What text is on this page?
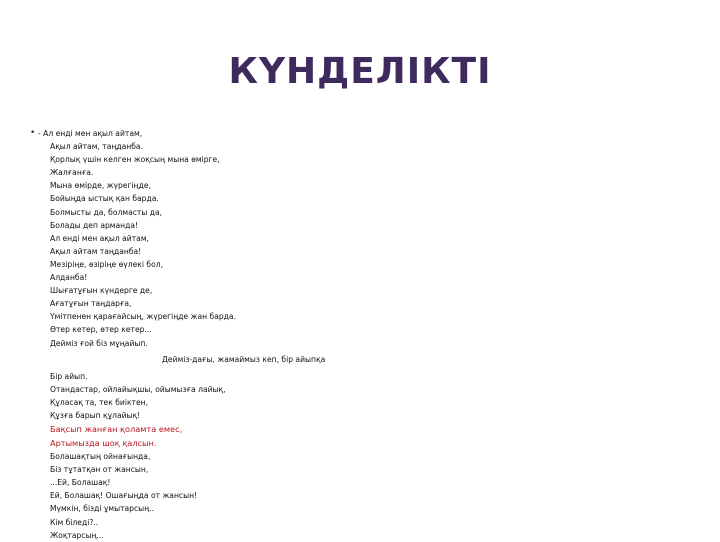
КҮНДЕЛІКТІ
• - Ал енді мен ақыл айтам,
Ақыл айтам, таңданба.
Қорлық үшін келген жоқсың мына өмірге,
Жалғанға.
Мына өмірде, жүрегіңде,
Бойыңда ыстық қан барда.
Болмысты да, болмасты да,
Болады деп арманда!
Ал енді мен ақыл айтам,
Ақыл айтам таңданба!
Мезіріңе, өзіріңе өүлекі бол,
Алданба!
Шығатұғын күндерге де,
Ағатұғын таңдарға,
Үмітпенен қарағайсың, жүрегіңде жан барда.
Өтер кетер, өтер кетер...
Дейміз ғой біз мұңайып.
Дейміз-дағы, жамаймыз кеп, бір айыпқа
Бір айып.
Отандастар, ойлайықшы, ойымызға лайық,
Құласақ та, тек биіктен,
Құзға барып құлайық!
Бақсып жанған қоламта емес,
Артымызда шоқ қалсын.
Болашақтың ойнағында,
Біз тұтатқан от жансын,
...Ей, Болашақ!
Ей, Болашақ! Ошағыңда от жансын!
Мүмкін, бізді ұмытарсың..
Кім біледі?..
Жоқтарсың...
